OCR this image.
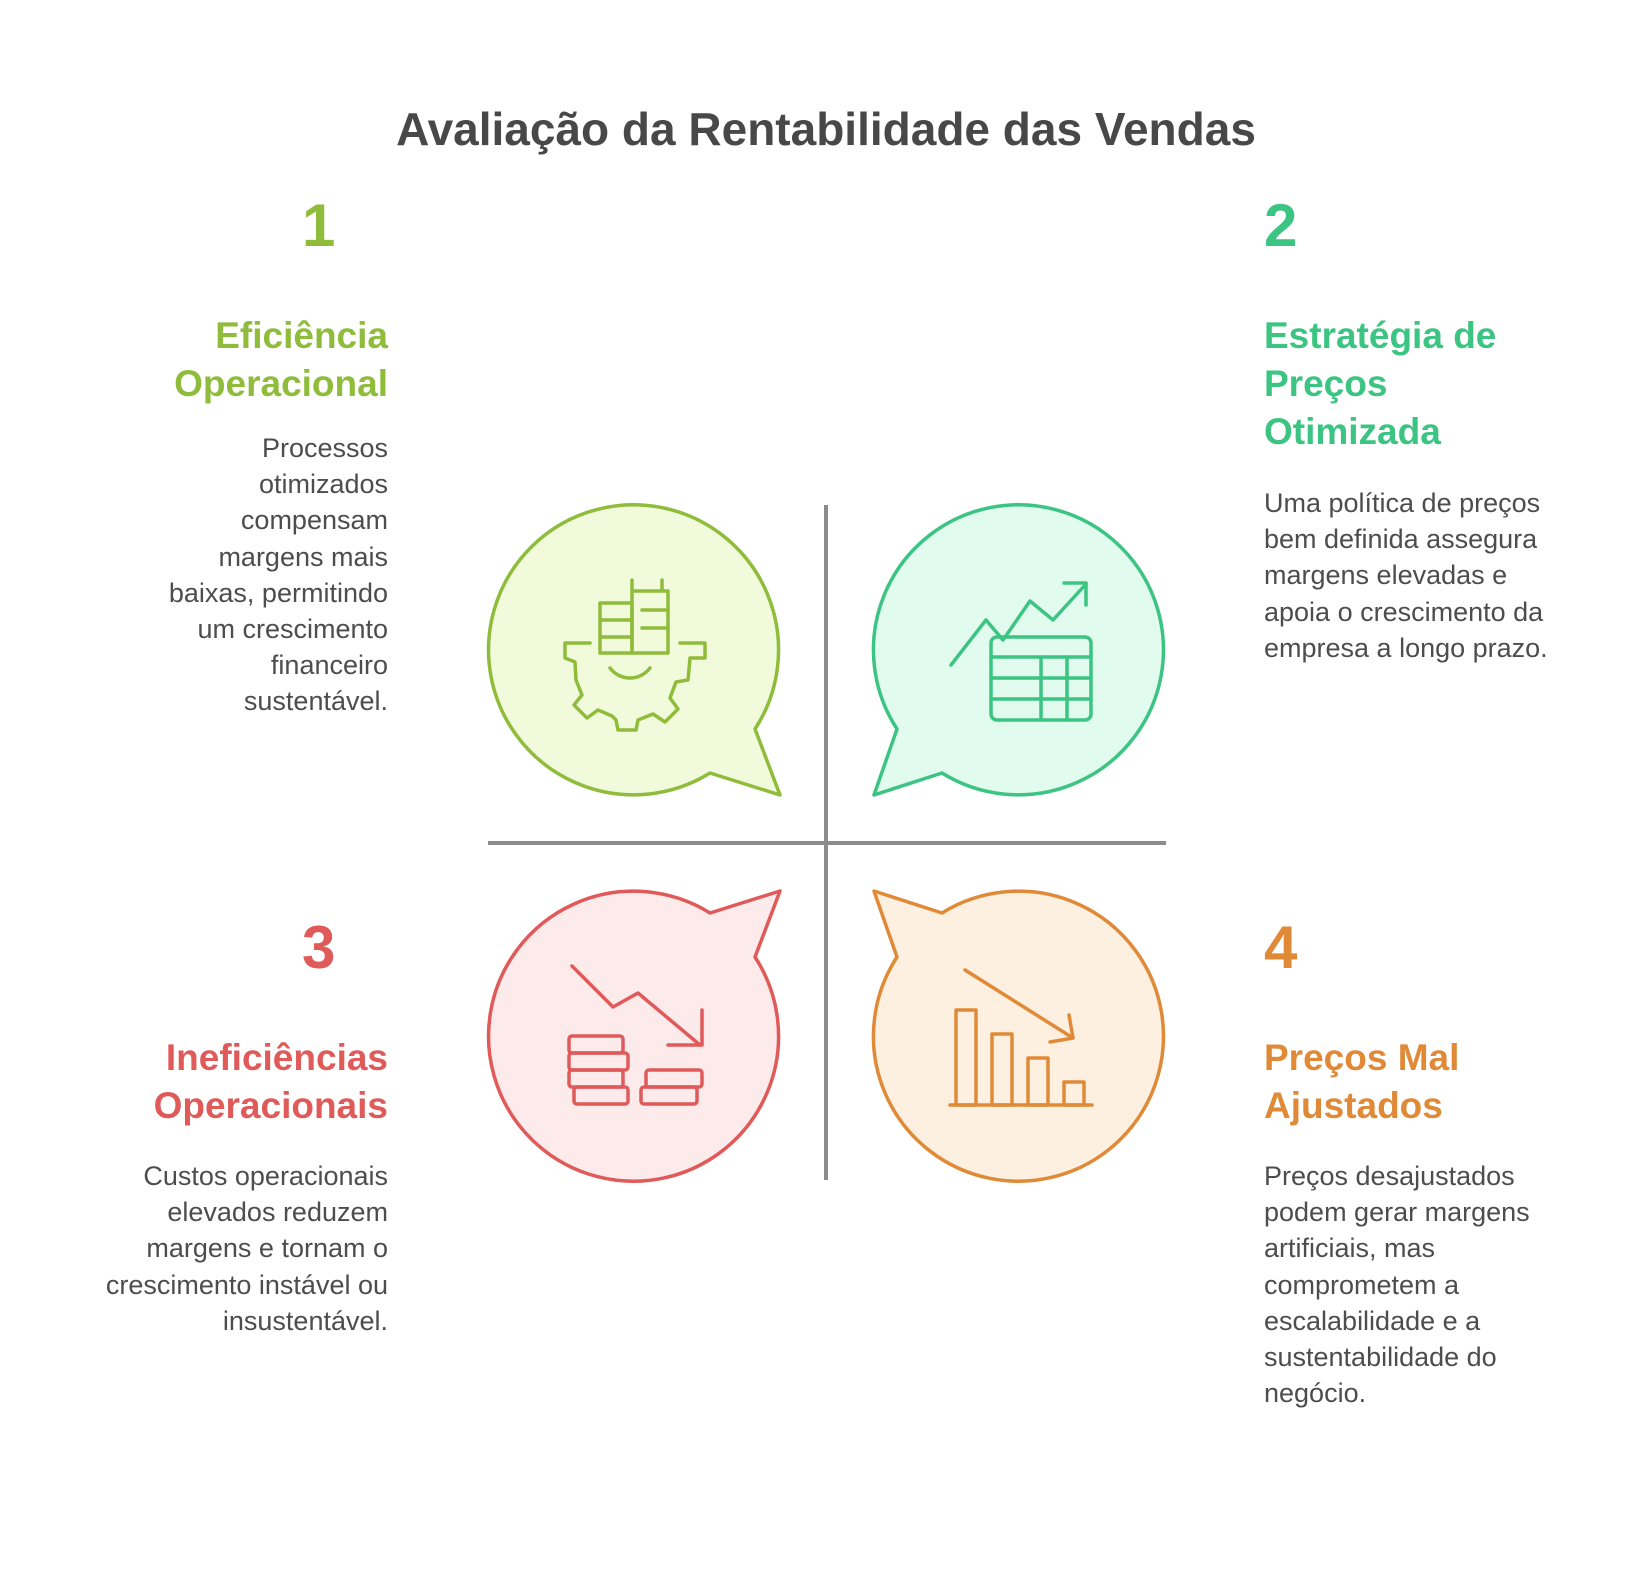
Avaliação da Rentabilidade das Vendas
1
Eficiência Operacional

Processos otimizados compensam margens mais baixas, permitindo um crescimento financeiro sustentável.

2
Estratégia de Preços Otimizada

Uma política de preços bem definida assegura margens elevadas e apoia o crescimento da empresa a longo prazo.

3
Ineficiências Operacionais

Custos operacionais elevados reduzem margens e tornam o crescimento instável ou insustentável.

4
Preços Mal Ajustados

Preços desajustados podem gerar margens artificiais, mas comprometem a escalabilidade e a sustentabilidade do negócio.
